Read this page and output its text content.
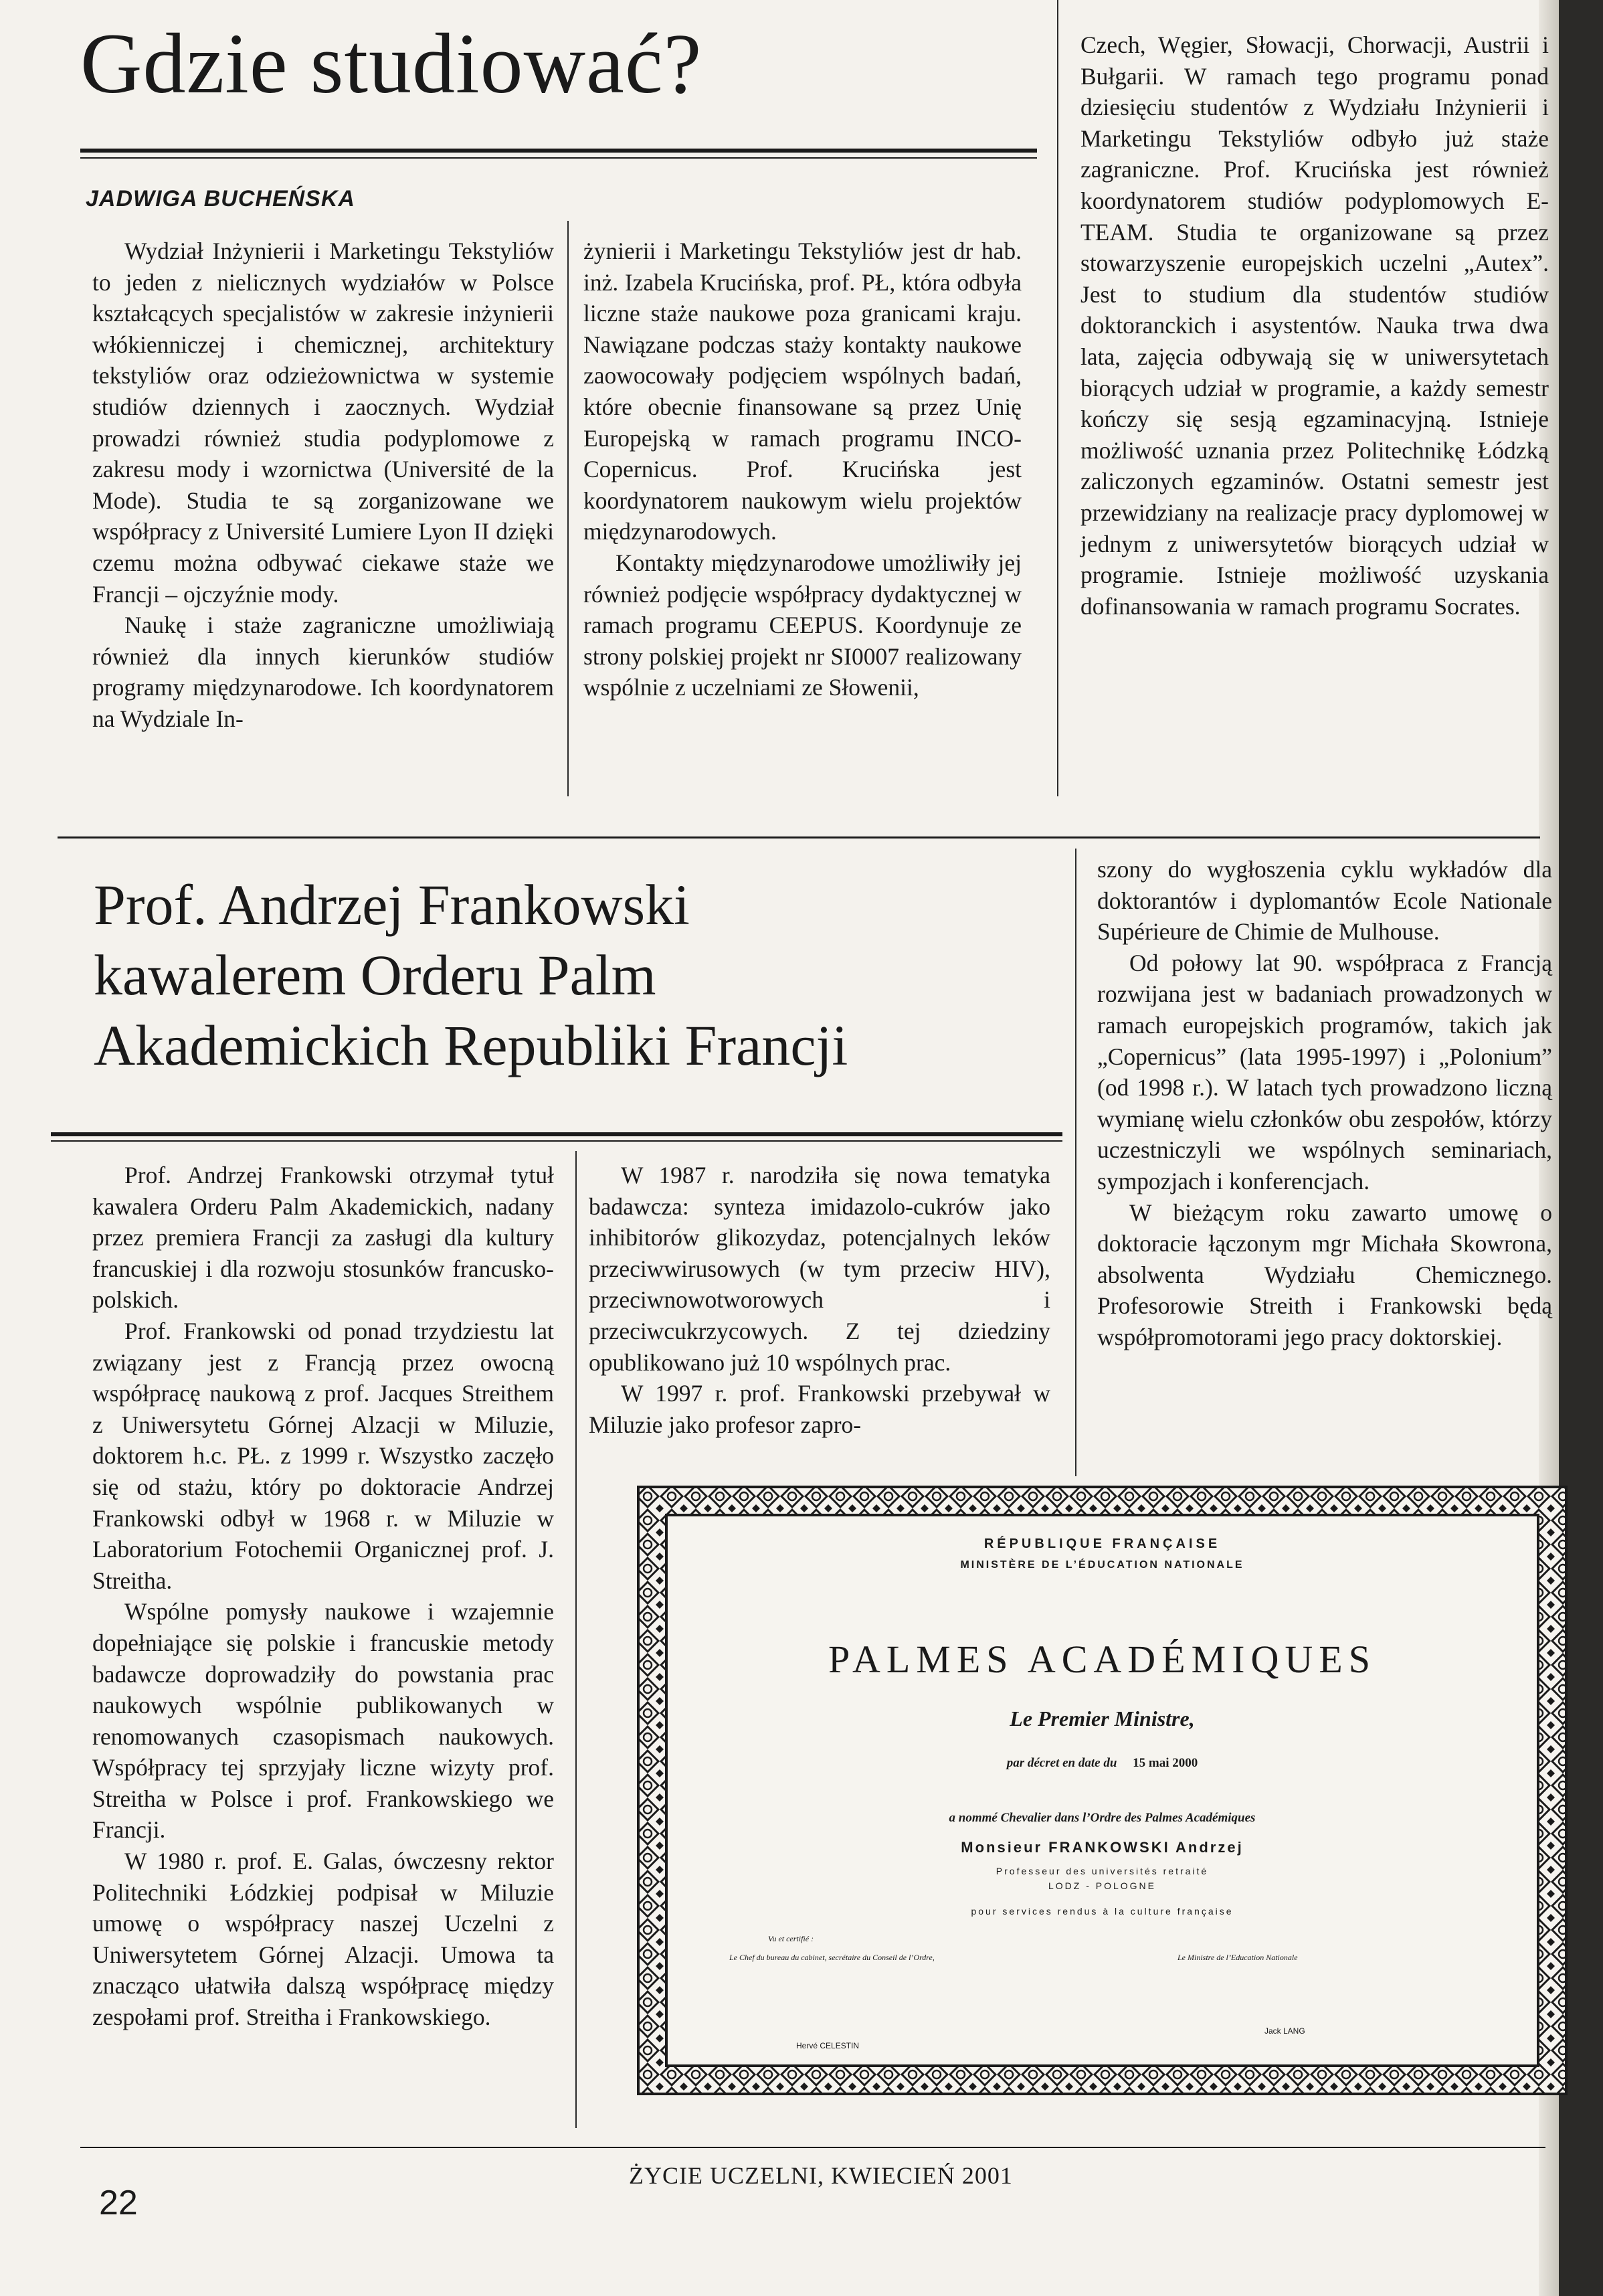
Gdzie studiować?
JADWIGA BUCHEŃSKA

Wydział Inżynierii i Marketingu Tekstyliów to jeden z nielicznych wydziałów w Polsce kształcących specjalistów w zakresie inżynierii włókienniczej i chemicznej, architektury tekstyliów oraz odzieżownictwa w systemie studiów dziennych i zaocznych. Wydział prowadzi również studia podyplomowe z zakresu mody i wzornictwa (Université de la Mode). Studia te są zorganizowane we współpracy z Université Lumiere Lyon II dzięki czemu można odbywać ciekawe staże we Francji – ojczyźnie mody.

Naukę i staże zagraniczne umożliwiają również dla innych kierunków studiów programy międzynarodowe. Ich koordynatorem na Wydziale In-

żynierii i Marketingu Tekstyliów jest dr hab. inż. Izabela Krucińska, prof. PŁ, która odbyła liczne staże naukowe poza granicami kraju. Nawiązane podczas staży kontakty naukowe zaowocowały podjęciem wspólnych badań, które obecnie finansowane są przez Unię Europejską w ramach programu INCO-Copernicus. Prof. Krucińska jest koordynatorem naukowym wielu projektów międzynarodowych.

Kontakty międzynarodowe umożliwiły jej również podjęcie współpracy dydaktycznej w ramach programu CEEPUS. Koordynuje ze strony polskiej projekt nr SI0007 realizowany wspólnie z uczelniami ze Słowenii,

Czech, Węgier, Słowacji, Chorwacji, Austrii i Bułgarii. W ramach tego programu ponad dziesięciu studentów z Wydziału Inżynierii i Marketingu Tekstyliów odbyło już staże zagraniczne. Prof. Krucińska jest również koordynatorem studiów podyplomowych E-TEAM. Studia te organizowane są przez stowarzyszenie europejskich uczelni „Autex”. Jest to studium dla studentów studiów doktoranckich i asystentów. Nauka trwa dwa lata, zajęcia odbywają się w uniwersytetach biorących udział w programie, a każdy semestr kończy się sesją egzaminacyjną. Istnieje możliwość uznania przez Politechnikę Łódzką zaliczonych egzaminów. Ostatni semestr jest przewidziany na realizacje pracy dyplomowej w jednym z uniwersytetów biorących udział w programie. Istnieje możliwość uzyskania dofinansowania w ramach programu Socrates.

Prof. Andrzej Frankowski
kawalerem Orderu Palm
Akademickich Republiki Francji

Prof. Andrzej Frankowski otrzymał tytuł kawalera Orderu Palm Akademickich, nadany przez premiera Francji za zasługi dla kultury francuskiej i dla rozwoju stosunków francusko-polskich.

Prof. Frankowski od ponad trzydziestu lat związany jest z Francją przez owocną współpracę naukową z prof. Jacques Streithem z Uniwersytetu Górnej Alzacji w Miluzie, doktorem h.c. PŁ. z 1999 r. Wszystko zaczęło się od stażu, który po doktoracie Andrzej Frankowski odbył w 1968 r. w Miluzie w Laboratorium Fotochemii Organicznej prof. J. Streitha.

Wspólne pomysły naukowe i wzajemnie dopełniające się polskie i francuskie metody badawcze doprowadziły do powstania prac naukowych wspólnie publikowanych w renomowanych czasopismach naukowych. Współpracy tej sprzyjały liczne wizyty prof. Streitha w Polsce i prof. Frankowskiego we Francji.

W 1980 r. prof. E. Galas, ówczesny rektor Politechniki Łódzkiej podpisał w Miluzie umowę o współpracy naszej Uczelni z Uniwersytetem Górnej Alzacji. Umowa ta znacząco ułatwiła dalszą współpracę między zespołami prof. Streitha i Frankowskiego.

W 1987 r. narodziła się nowa tematyka badawcza: synteza imidazolo-cukrów jako inhibitorów glikozydaz, potencjalnych leków przeciwwirusowych (w tym przeciw HIV), przeciwnowotworowych i przeciwcukrzycowych. Z tej dziedziny opublikowano już 10 wspólnych prac.

W 1997 r. prof. Frankowski przebywał w Miluzie jako profesor zapro-

szony do wygłoszenia cyklu wykładów dla doktorantów i dyplomantów Ecole Nationale Supérieure de Chimie de Mulhouse.

Od połowy lat 90. współpraca z Francją rozwijana jest w badaniach prowadzonych w ramach europejskich programów, takich jak „Copernicus” (lata 1995-1997) i „Polonium” (od 1998 r.). W latach tych prowadzono liczną wymianę wielu członków obu zespołów, którzy uczestniczyli we wspólnych seminariach, sympozjach i konferencjach.

W bieżącym roku zawarto umowę o doktoracie łączonym mgr Michała Skowrona, absolwenta Wydziału Chemicznego. Profesorowie Streith i Frankowski będą współpromotorami jego pracy doktorskiej.

RÉPUBLIQUE FRANÇAISE
MINISTÈRE DE L’ÉDUCATION NATIONALE
PALMES ACADÉMIQUES
Le Premier Ministre,
par décret en date du 15 mai 2000
a nommé Chevalier dans l’Ordre des Palmes Académiques
Monsieur FRANKOWSKI Andrzej
Professeur des universités retraité
LODZ - POLOGNE
pour services rendus à la culture française
Vu et certifié :
Le Chef du bureau du cabinet, secrétaire du Conseil de l’Ordre,	Le Ministre de l’Education Nationale
Hervé CELESTIN
Jack LANG
22
ŻYCIE UCZELNI, KWIECIEŃ 2001
